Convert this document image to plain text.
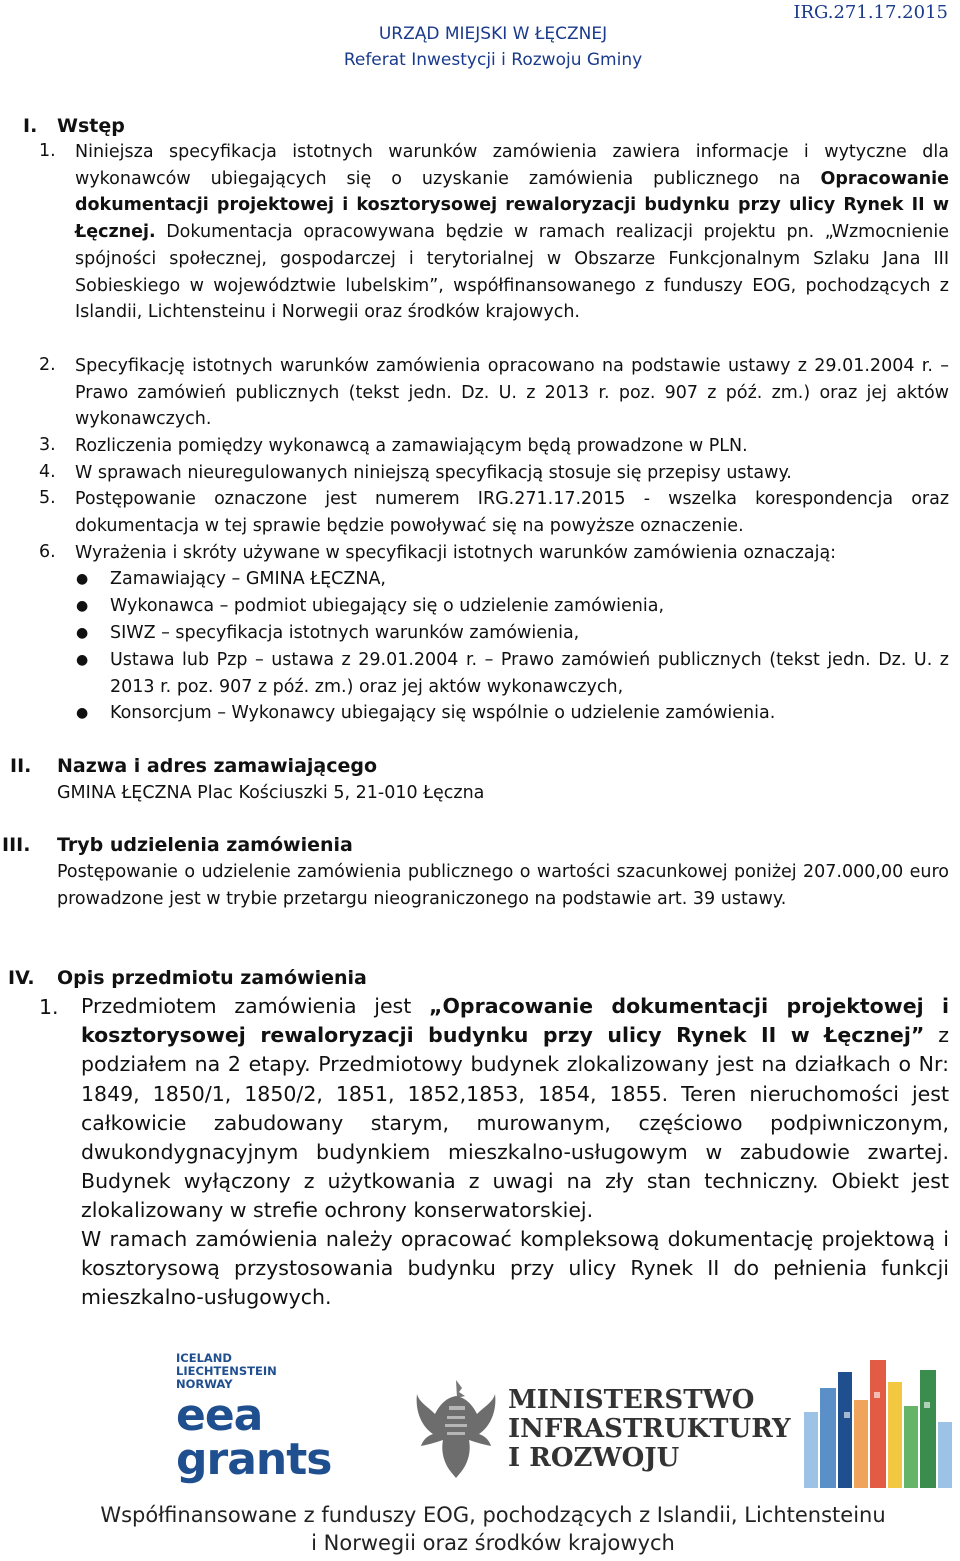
IRG.271.17.2015
URZĄD MIEJSKI W ŁĘCZNEJ
Referat Inwestycji i Rozwoju Gminy
I. Wstęp
1. Niniejsza specyfikacja istotnych warunków zamówienia zawiera informacje i wytyczne dla wykonawców ubiegających się o uzyskanie zamówienia publicznego na Opracowanie dokumentacji projektowej i kosztorysowej rewaloryzacji budynku przy ulicy Rynek II w Łęcznej. Dokumentacja opracowywana będzie w ramach realizacji projektu pn. „Wzmocnienie spójności społecznej, gospodarczej i terytorialnej w Obszarze Funkcjonalnym Szlaku Jana III Sobieskiego w województwie lubelskim”, współfinansowanego z funduszy EOG, pochodzących z Islandii, Lichtensteinu i Norwegii oraz środków krajowych.
2. Specyfikację istotnych warunków zamówienia opracowano na podstawie ustawy z 29.01.2004 r. – Prawo zamówień publicznych (tekst jedn. Dz. U. z 2013 r. poz. 907 z póź. zm.) oraz jej aktów wykonawczych.
3. Rozliczenia pomiędzy wykonawcą a zamawiającym będą prowadzone w PLN.
4. W sprawach nieuregulowanych niniejszą specyfikacją stosuje się przepisy ustawy.
5. Postępowanie oznaczone jest numerem IRG.271.17.2015 - wszelka korespondencja oraz dokumentacja w tej sprawie będzie powoływać się na powyższe oznaczenie.
6. Wyrażenia i skróty używane w specyfikacji istotnych warunków zamówienia oznaczają:
● Zamawiający – GMINA ŁĘCZNA,
● Wykonawca – podmiot ubiegający się o udzielenie zamówienia,
● SIWZ – specyfikacja istotnych warunków zamówienia,
● Ustawa lub Pzp – ustawa z 29.01.2004 r. – Prawo zamówień publicznych (tekst jedn. Dz. U. z 2013 r. poz. 907 z póź. zm.) oraz jej aktów wykonawczych,
● Konsorcjum – Wykonawcy ubiegający się wspólnie o udzielenie zamówienia.
II. Nazwa i adres zamawiającego
GMINA ŁĘCZNA Plac Kościuszki 5, 21-010 Łęczna
III. Tryb udzielenia zamówienia
Postępowanie o udzielenie zamówienia publicznego o wartości szacunkowej poniżej 207.000,00 euro prowadzone jest w trybie przetargu nieograniczonego na podstawie art. 39 ustawy.
IV. Opis przedmiotu zamówienia
1. Przedmiotem zamówienia jest „Opracowanie dokumentacji projektowej i kosztorysowej rewaloryzacji budynku przy ulicy Rynek II w Łęcznej” z podziałem na 2 etapy. Przedmiotowy budynek zlokalizowany jest na działkach o Nr: 1849, 1850/1, 1850/2, 1851, 1852,1853, 1854, 1855. Teren nieruchomości jest całkowicie zabudowany starym, murowanym, częściowo podpiwniczonym, dwukondygnacyjnym budynkiem mieszkalno-usługowym w zabudowie zwartej. Budynek wyłączony z użytkowania z uwagi na zły stan techniczny. Obiekt jest zlokalizowany w strefie ochrony konserwatorskiej.
W ramach zamówienia należy opracować kompleksową dokumentację projektową i kosztorysową przystosowania budynku przy ulicy Rynek II do pełnienia funkcji mieszkalno-usługowych.
ICELAND
LIECHTENSTEIN
NORWAY
eea
grants
MINISTERSTWO
INFRASTRUKTURY
I ROZWOJU
Współfinansowane z funduszy EOG, pochodzących z Islandii, Lichtensteinu
i Norwegii oraz środków krajowych
